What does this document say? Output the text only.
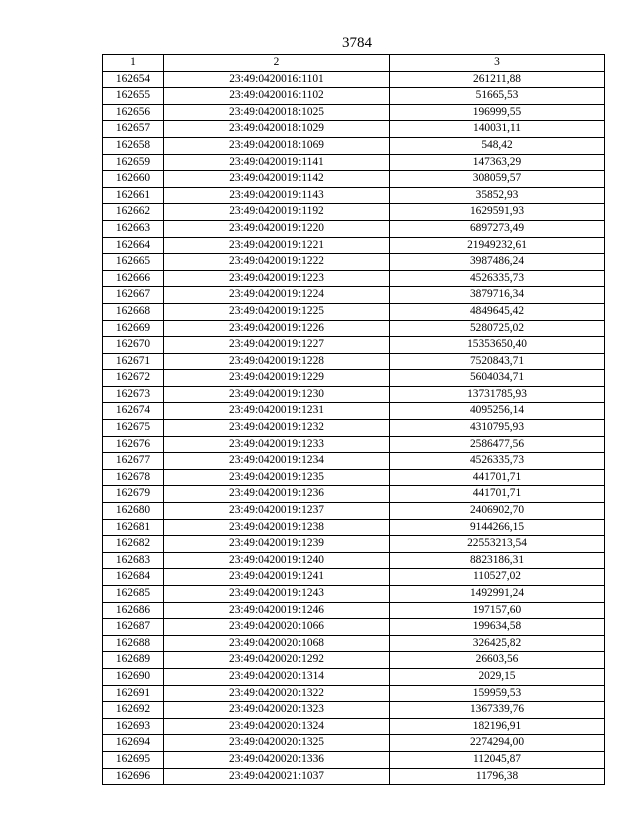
3784
1	2	3
162654	23:49:0420016:1101	261211,88
162655	23:49:0420016:1102	51665,53
162656	23:49:0420018:1025	196999,55
162657	23:49:0420018:1029	140031,11
162658	23:49:0420018:1069	548,42
162659	23:49:0420019:1141	147363,29
162660	23:49:0420019:1142	308059,57
162661	23:49:0420019:1143	35852,93
162662	23:49:0420019:1192	1629591,93
162663	23:49:0420019:1220	6897273,49
162664	23:49:0420019:1221	21949232,61
162665	23:49:0420019:1222	3987486,24
162666	23:49:0420019:1223	4526335,73
162667	23:49:0420019:1224	3879716,34
162668	23:49:0420019:1225	4849645,42
162669	23:49:0420019:1226	5280725,02
162670	23:49:0420019:1227	15353650,40
162671	23:49:0420019:1228	7520843,71
162672	23:49:0420019:1229	5604034,71
162673	23:49:0420019:1230	13731785,93
162674	23:49:0420019:1231	4095256,14
162675	23:49:0420019:1232	4310795,93
162676	23:49:0420019:1233	2586477,56
162677	23:49:0420019:1234	4526335,73
162678	23:49:0420019:1235	441701,71
162679	23:49:0420019:1236	441701,71
162680	23:49:0420019:1237	2406902,70
162681	23:49:0420019:1238	9144266,15
162682	23:49:0420019:1239	22553213,54
162683	23:49:0420019:1240	8823186,31
162684	23:49:0420019:1241	110527,02
162685	23:49:0420019:1243	1492991,24
162686	23:49:0420019:1246	197157,60
162687	23:49:0420020:1066	199634,58
162688	23:49:0420020:1068	326425,82
162689	23:49:0420020:1292	26603,56
162690	23:49:0420020:1314	2029,15
162691	23:49:0420020:1322	159959,53
162692	23:49:0420020:1323	1367339,76
162693	23:49:0420020:1324	182196,91
162694	23:49:0420020:1325	2274294,00
162695	23:49:0420020:1336	112045,87
162696	23:49:0420021:1037	11796,38
